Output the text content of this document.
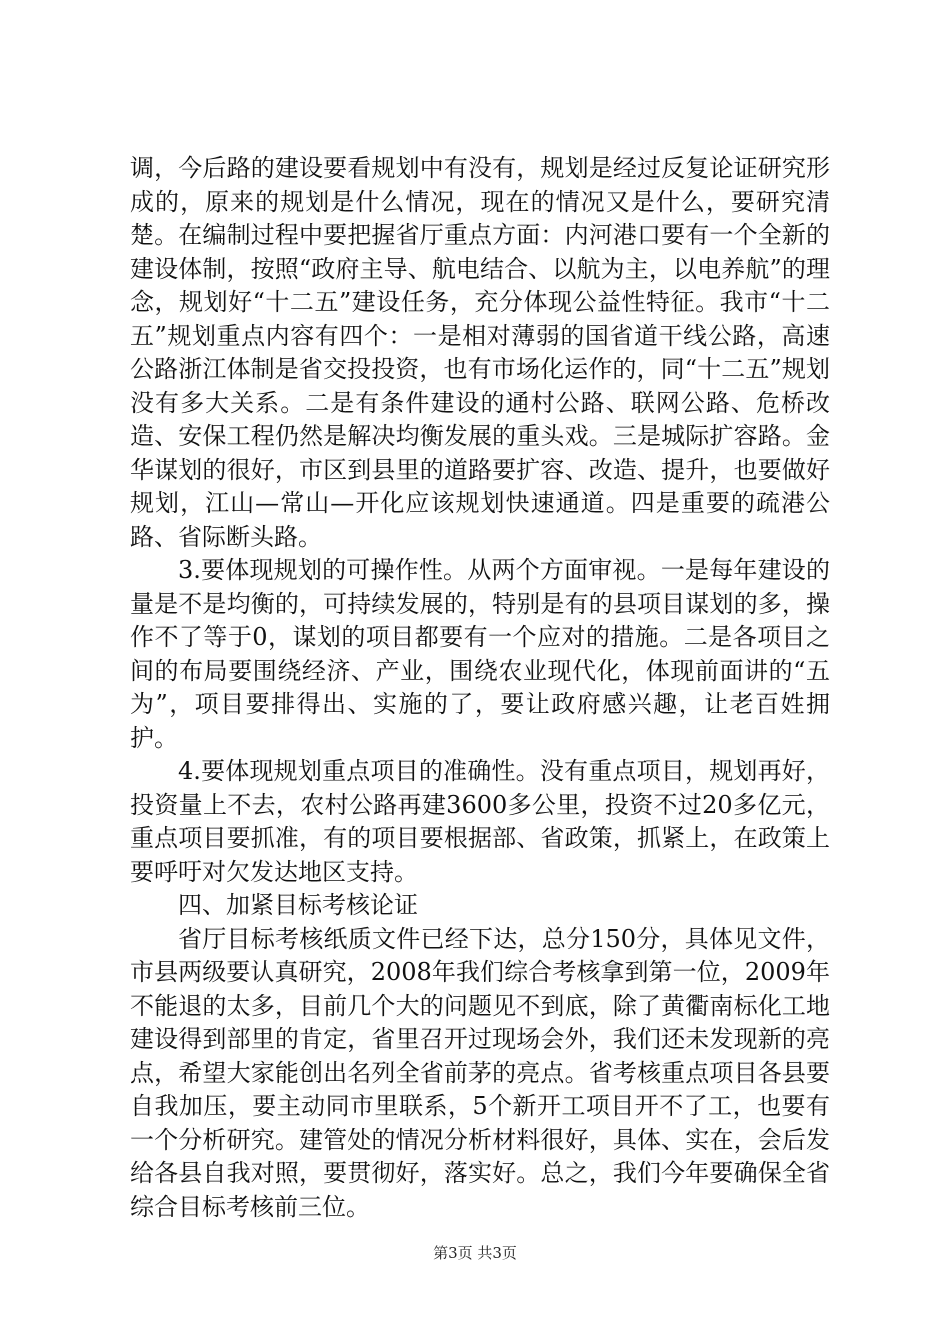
调，今后路的建设要看规划中有没有，规划是经过反复论证研究形成的，原来的规划是什么情况，现在的情况又是什么，要研究清楚。在编制过程中要把握省厅重点方面：内河港口要有一个全新的建设体制，按照“政府主导、航电结合、以航为主，以电养航”的理念，规划好“十二五”建设任务，充分体现公益性特征。我市“十二五”规划重点内容有四个：一是相对薄弱的国省道干线公路，高速公路浙江体制是省交投投资，也有市场化运作的，同“十二五”规划没有多大关系。二是有条件建设的通村公路、联网公路、危桥改造、安保工程仍然是解决均衡发展的重头戏。三是城际扩容路。金华谋划的很好，市区到县里的道路要扩容、改造、提升，也要做好规划，江山—常山—开化应该规划快速通道。四是重要的疏港公路、省际断头路。

3.要体现规划的可操作性。从两个方面审视。一是每年建设的量是不是均衡的，可持续发展的，特别是有的县项目谋划的多，操作不了等于0，谋划的项目都要有一个应对的措施。二是各项目之间的布局要围绕经济、产业，围绕农业现代化，体现前面讲的“五为”，项目要排得出、实施的了，要让政府感兴趣，让老百姓拥护。

4.要体现规划重点项目的准确性。没有重点项目，规划再好，投资量上不去，农村公路再建3600多公里，投资不过20多亿元，重点项目要抓准，有的项目要根据部、省政策，抓紧上，在政策上要呼吁对欠发达地区支持。

四、加紧目标考核论证

省厅目标考核纸质文件已经下达，总分150分，具体见文件，市县两级要认真研究，2008年我们综合考核拿到第一位，2009年不能退的太多，目前几个大的问题见不到底，除了黄衢南标化工地建设得到部里的肯定，省里召开过现场会外，我们还未发现新的亮点，希望大家能创出名列全省前茅的亮点。省考核重点项目各县要自我加压，要主动同市里联系，5个新开工项目开不了工，也要有一个分析研究。建管处的情况分析材料很好，具体、实在，会后发给各县自我对照，要贯彻好，落实好。总之，我们今年要确保全省综合目标考核前三位。

第3页 共3页
